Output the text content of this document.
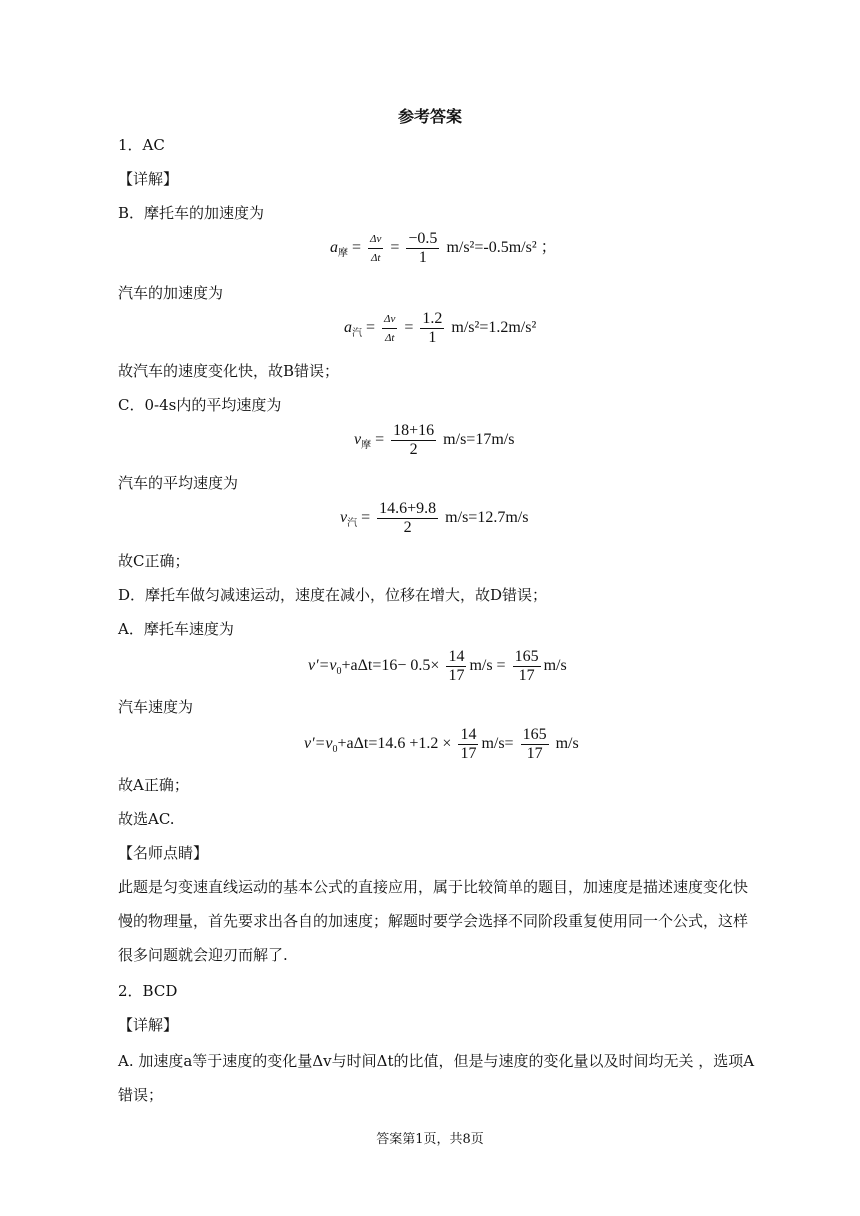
参考答案
1．AC
【详解】
B．摩托车的加速度为
$a_摩 = \frac{\Delta v}{\Delta t} = \frac{-0.5}{1} m/s^2=-0.5m/s^2$ ；
汽车的加速度为
$a_汽 = \frac{\Delta v}{\Delta t} = \frac{1.2}{1} m/s^2=1.2m/s^2$
故汽车的速度变化快，故B错误；
C．0-4s内的平均速度为
$v_摩 = \frac{18+16}{2} m/s=17m/s$
汽车的平均速度为
$v_汽 = \frac{14.6+9.8}{2} m/s=12.7m/s$
故C正确；
D．摩托车做匀减速运动，速度在减小，位移在增大，故D错误；
A．摩托车速度为
$v'=v_0+a\Delta t=16- 0.5\times \frac{14}{17} m/s = \frac{165}{17} m/s$
汽车速度为
$v'=v_0+a\Delta t=14.6 +1.2 \times \frac{14}{17} m/s= \frac{165}{17} m/s$
故A正确；
故选AC.
【名师点睛】
此题是匀变速直线运动的基本公式的直接应用，属于比较简单的题目，加速度是描述速度变化快慢的物理量，首先要求出各自的加速度；解题时要学会选择不同阶段重复使用同一个公式，这样很多问题就会迎刃而解了.
2．BCD
【详解】
A. 加速度a等于速度的变化量Δv与时间Δt的比值，但是与速度的变化量以及时间均无关 ，选项A错误；
答案第1页，共8页
